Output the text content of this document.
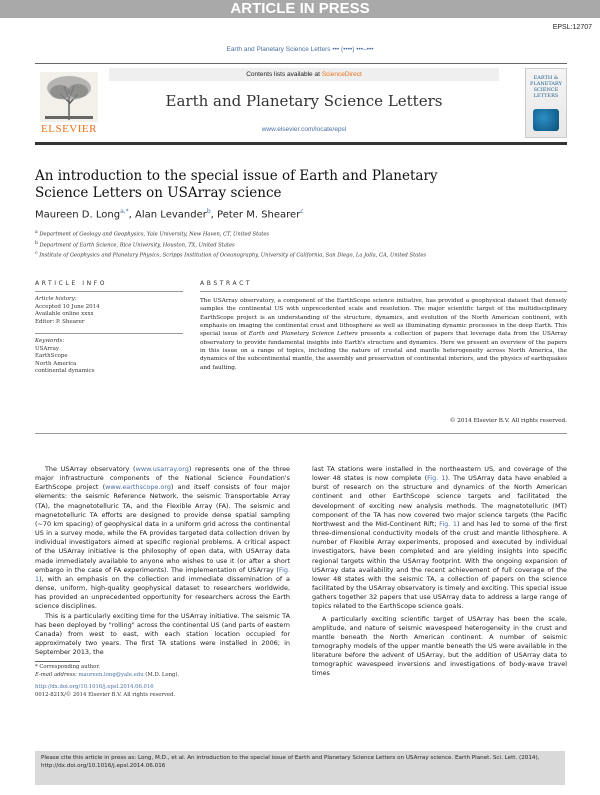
ARTICLE IN PRESS
EPSL:12707
Earth and Planetary Science Letters ••• (••••) •••–•••
ELSEVIER
Contents lists available at ScienceDirect
Earth and Planetary Science Letters
www.elsevier.com/locate/epsl
EARTH & PLANETARY SCIENCE LETTERS
An introduction to the special issue of Earth and Planetary Science Letters on USArray science
Maureen D. Long$^{a,*}$, Alan Levander$^b$, Peter M. Shearer$^c$
$^a$ Department of Geology and Geophysics, Yale University, New Haven, CT, United States
$^b$ Department of Earth Science, Rice University, Houston, TX, United States
$^c$ Institute of Geophysics and Planetary Physics, Scripps Institution of Oceanography, University of California, San Diego, La Jolla, CA, United States
ARTICLE INFO	ABSTRACT
Article history:
Accepted 10 June 2014
Available online xxxx
Editor: P. Shearer
Keywords:
USArray
EarthScope
North America
continental dynamics
The USArray observatory, a component of the EarthScope science initiative, has provided a geophysical dataset that densely samples the continental US with unprecedented scale and resolution. The major scientific target of the multidisciplinary EarthScope project is an understanding of the structure, dynamics, and evolution of the North American continent, with emphasis on imaging the continental crust and lithosphere as well as illuminating dynamic processes in the deep Earth. This special issue of Earth and Planetary Science Letters presents a collection of papers that leverage data from the USArray observatory to provide fundamental insights into Earth's structure and dynamics. Here we present an overview of the papers in this issue on a range of topics, including the nature of crustal and mantle heterogeneity across North America, the dynamics of the subcontinental mantle, the assembly and preservation of continental interiors, and the physics of earthquakes and faulting.
© 2014 Elsevier B.V. All rights reserved.

The USArray observatory (www.usarray.org) represents one of the three major infrastructure components of the National Science Foundation's EarthScope project (www.earthscope.org) and itself consists of four major elements: the seismic Reference Network, the seismic Transportable Array (TA), the magnetotelluric TA, and the Flexible Array (FA). The seismic and magnetotelluric TA efforts are designed to provide dense spatial sampling (~70 km spacing) of geophysical data in a uniform grid across the continental US in a survey mode, while the FA provides targeted data collection driven by individual investigators aimed at specific regional problems. A critical aspect of the USArray initiative is the philosophy of open data, with USArray data made immediately available to anyone who wishes to use it (or after a short embargo in the case of FA experiments). The implementation of USArray (Fig. 1), with an emphasis on the collection and immediate dissemination of a dense, uniform, high-quality geophysical dataset to researchers worldwide, has provided an unprecedented opportunity for researchers across the Earth science disciplines.

This is a particularly exciting time for the USArray initiative. The seismic TA has been deployed by "rolling" across the continental US (and parts of eastern Canada) from west to east, with each station location occupied for approximately two years. The first TA stations were installed in 2006; in September 2013, the

last TA stations were installed in the northeastern US, and coverage of the lower 48 states is now complete (Fig. 1). The USArray data have enabled a burst of research on the structure and dynamics of the North American continent and other EarthScope science targets and facilitated the development of exciting new analysis methods. The magnetotelluric (MT) component of the TA has now covered two major science targets (the Pacific Northwest and the Mid-Continent Rift; Fig. 1) and has led to some of the first three-dimensional conductivity models of the crust and mantle lithosphere. A number of Flexible Array experiments, proposed and executed by individual investigators, have been completed and are yielding insights into specific regional targets within the USArray footprint. With the ongoing expansion of USArray data availability and the recent achievement of full coverage of the lower 48 states with the seismic TA, a collection of papers on the science facilitated by the USArray observatory is timely and exciting. This special issue gathers together 32 papers that use USArray data to address a large range of topics related to the EarthScope science goals.

A particularly exciting scientific target of USArray has been the scale, amplitude, and nature of seismic wavespeed heterogeneity in the crust and mantle beneath the North American continent. A number of seismic tomography models of the upper mantle beneath the US were available in the literature before the advent of USArray, but the addition of USArray data to tomographic wavespeed inversions and investigations of body-wave travel times

* Corresponding author.
E-mail address: maureen.long@yale.edu (M.D. Long).
http://dx.doi.org/10.1016/j.epsl.2014.06.016
0012-821X/© 2014 Elsevier B.V. All rights reserved.
Please cite this article in press as: Long, M.D., et al. An introduction to the special issue of Earth and Planetary Science Letters on USArray science. Earth Planet. Sci. Lett. (2014), http://dx.doi.org/10.1016/j.epsl.2014.06.016
